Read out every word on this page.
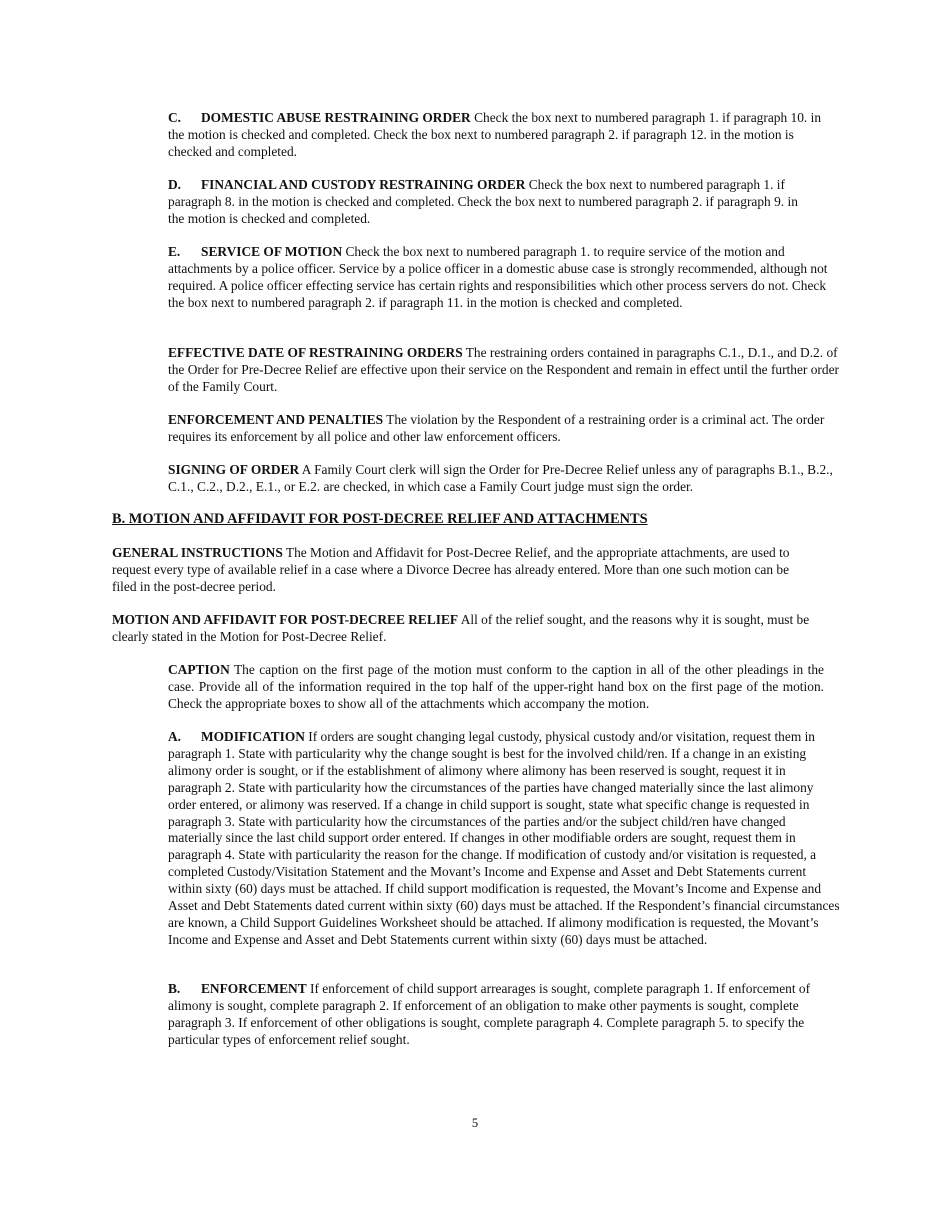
C. DOMESTIC ABUSE RESTRAINING ORDER Check the box next to numbered paragraph 1. if paragraph 10. in the motion is checked and completed. Check the box next to numbered paragraph 2. if paragraph 12. in the motion is checked and completed.

D. FINANCIAL AND CUSTODY RESTRAINING ORDER Check the box next to numbered paragraph 1. if paragraph 8. in the motion is checked and completed. Check the box next to numbered paragraph 2. if paragraph 9. in the motion is checked and completed.

E. SERVICE OF MOTION Check the box next to numbered paragraph 1. to require service of the motion and attachments by a police officer. Service by a police officer in a domestic abuse case is strongly recommended, although not required. A police officer effecting service has certain rights and responsibilities which other process servers do not. Check the box next to numbered paragraph 2. if paragraph 11. in the motion is checked and completed.

EFFECTIVE DATE OF RESTRAINING ORDERS The restraining orders contained in paragraphs C.1., D.1., and D.2. of the Order for Pre-Decree Relief are effective upon their service on the Respondent and remain in effect until the further order of the Family Court.

ENFORCEMENT AND PENALTIES The violation by the Respondent of a restraining order is a criminal act. The order requires its enforcement by all police and other law enforcement officers.

SIGNING OF ORDER A Family Court clerk will sign the Order for Pre-Decree Relief unless any of paragraphs B.1., B.2., C.1., C.2., D.2., E.1., or E.2. are checked, in which case a Family Court judge must sign the order.

B. MOTION AND AFFIDAVIT FOR POST-DECREE RELIEF AND ATTACHMENTS

GENERAL INSTRUCTIONS The Motion and Affidavit for Post-Decree Relief, and the appropriate attachments, are used to request every type of available relief in a case where a Divorce Decree has already entered. More than one such motion can be filed in the post-decree period.

MOTION AND AFFIDAVIT FOR POST-DECREE RELIEF All of the relief sought, and the reasons why it is sought, must be clearly stated in the Motion for Post-Decree Relief.

CAPTION The caption on the first page of the motion must conform to the caption in all of the other pleadings in the case. Provide all of the information required in the top half of the upper-right hand box on the first page of the motion. Check the appropriate boxes to show all of the attachments which accompany the motion.

A. MODIFICATION If orders are sought changing legal custody, physical custody and/or visitation, request them in paragraph 1. State with particularity why the change sought is best for the involved child/ren. If a change in an existing alimony order is sought, or if the establishment of alimony where alimony has been reserved is sought, request it in paragraph 2. State with particularity how the circumstances of the parties have changed materially since the last alimony order entered, or alimony was reserved. If a change in child support is sought, state what specific change is requested in paragraph 3. State with particularity how the circumstances of the parties and/or the subject child/ren have changed materially since the last child support order entered. If changes in other modifiable orders are sought, request them in paragraph 4. State with particularity the reason for the change. If modification of custody and/or visitation is requested, a completed Custody/Visitation Statement and the Movant’s Income and Expense and Asset and Debt Statements current within sixty (60) days must be attached. If child support modification is requested, the Movant’s Income and Expense and Asset and Debt Statements dated current within sixty (60) days must be attached. If the Respondent’s financial circumstances are known, a Child Support Guidelines Worksheet should be attached. If alimony modification is requested, the Movant’s Income and Expense and Asset and Debt Statements current within sixty (60) days must be attached.

B. ENFORCEMENT If enforcement of child support arrearages is sought, complete paragraph 1. If enforcement of alimony is sought, complete paragraph 2. If enforcement of an obligation to make other payments is sought, complete paragraph 3. If enforcement of other obligations is sought, complete paragraph 4. Complete paragraph 5. to specify the particular types of enforcement relief sought.

5
